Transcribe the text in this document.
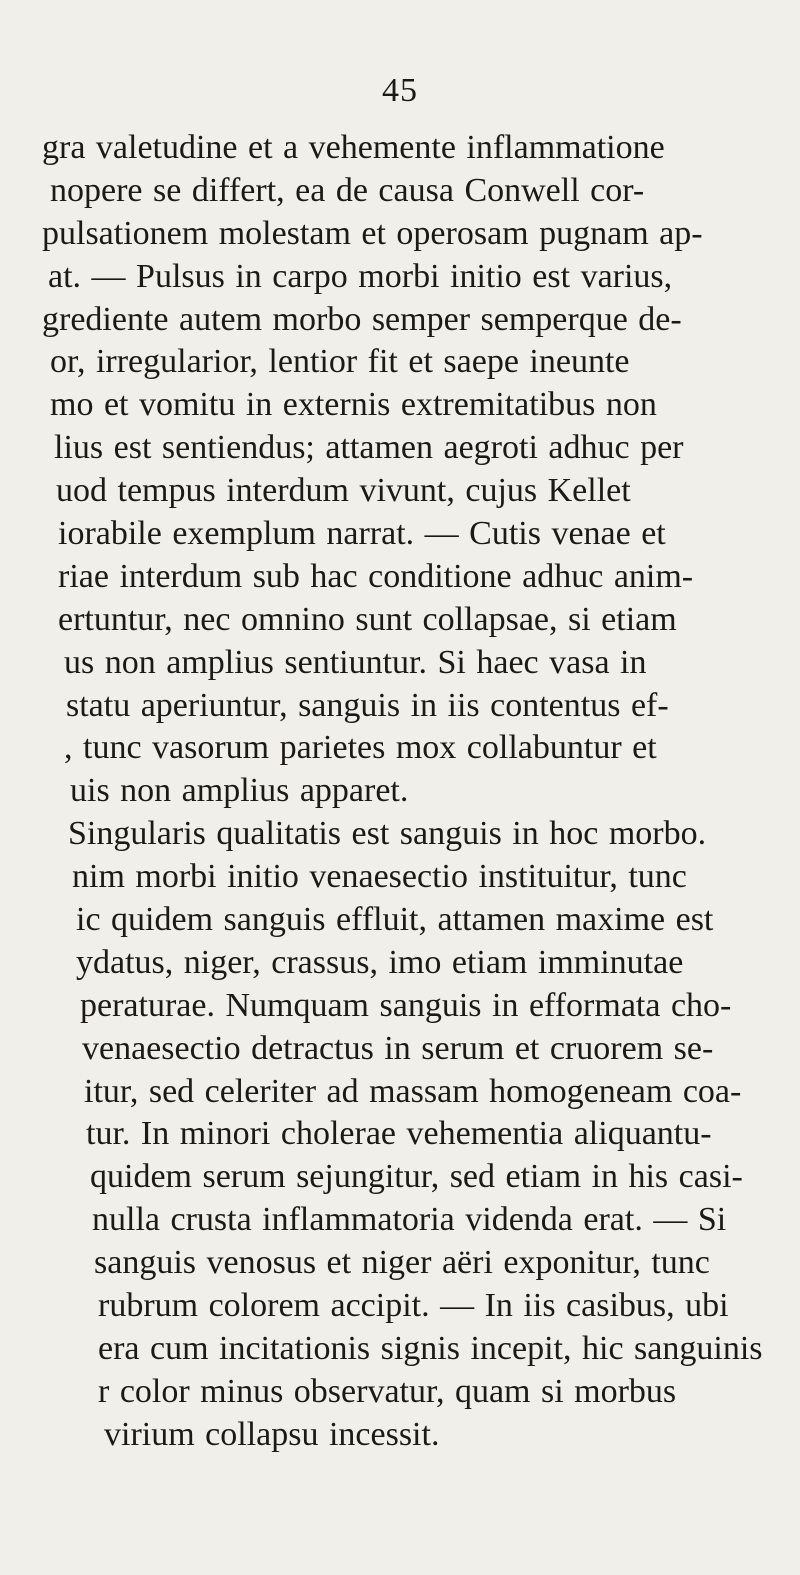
45
gra valetudine et a vehemente inflammatione
nopere se differt, ea de causa Conwell cor-
pulsationem molestam et operosam pugnam ap-
at. — Pulsus in carpo morbi initio est varius,
grediente autem morbo semper semperque de-
or, irregularior, lentior fit et saepe ineunte
mo et vomitu in externis extremitatibus non
lius est sentiendus; attamen aegroti adhuc per
uod tempus interdum vivunt, cujus Kellet
iorabile exemplum narrat. — Cutis venae et
riae interdum sub hac conditione adhuc anim-
ertuntur, nec omnino sunt collapsae, si etiam
us non amplius sentiuntur. Si haec vasa in
statu aperiuntur, sanguis in iis contentus ef-
, tunc vasorum parietes mox collabuntur et
uis non amplius apparet.
Singularis qualitatis est sanguis in hoc morbo.
nim morbi initio venaesectio instituitur, tunc
ic quidem sanguis effluit, attamen maxime est
ydatus, niger, crassus, imo etiam imminutae
peraturae. Numquam sanguis in efformata cho-
venaesectio detractus in serum et cruorem se-
itur, sed celeriter ad massam homogeneam coa-
tur. In minori cholerae vehementia aliquantu-
quidem serum sejungitur, sed etiam in his casi-
nulla crusta inflammatoria videnda erat. — Si
sanguis venosus et niger aëri exponitur, tunc
rubrum colorem accipit. — In iis casibus, ubi
era cum incitationis signis incepit, hic sanguinis
r color minus observatur, quam si morbus
virium collapsu incessit.
